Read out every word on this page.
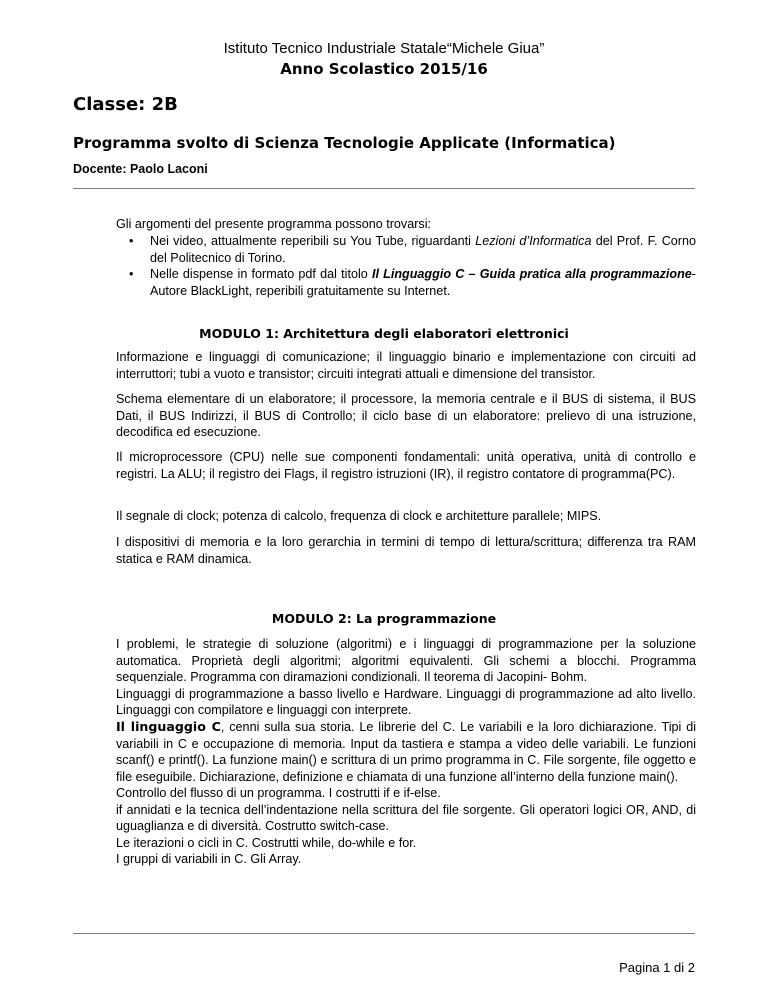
Istituto Tecnico Industriale Statale“Michele Giua”
Anno Scolastico 2015/16
Classe: 2B
Programma svolto di Scienza Tecnologie Applicate (Informatica)
Docente: Paolo Laconi
Gli argomenti del presente programma possono trovarsi:
• Nei video, attualmente reperibili su You Tube, riguardanti Lezioni d’Informatica del Prof. F. Corno del Politecnico di Torino.
• Nelle dispense in formato pdf dal titolo Il Linguaggio C – Guida pratica alla programmazione- Autore BlackLight, reperibili gratuitamente su Internet.
MODULO 1: Architettura degli elaboratori elettronici
Informazione e linguaggi di comunicazione; il linguaggio binario e implementazione con circuiti ad interruttori; tubi a vuoto e transistor; circuiti integrati attuali e dimensione del transistor.
Schema elementare di un elaboratore; il processore, la memoria centrale e il BUS di sistema, il BUS Dati, il BUS Indirizzi, il BUS di Controllo; il ciclo base di un elaboratore: prelievo di una istruzione, decodifica ed esecuzione.
Il microprocessore (CPU) nelle sue componenti fondamentali: unità operativa, unità di controllo e registri. La ALU; il registro dei Flags, il registro istruzioni (IR), il registro contatore di programma(PC).
Il segnale di clock; potenza di calcolo, frequenza di clock e architetture parallele; MIPS.
I dispositivi di memoria e la loro gerarchia in termini di tempo di lettura/scrittura; differenza tra RAM statica e RAM dinamica.
MODULO 2: La programmazione
I problemi, le strategie di soluzione (algoritmi) e i linguaggi di programmazione per la soluzione automatica. Proprietà degli algoritmi; algoritmi equivalenti. Gli schemi a blocchi. Programma sequenziale. Programma con diramazioni condizionali. Il teorema di Jacopini- Bohm.
Linguaggi di programmazione a basso livello e Hardware. Linguaggi di programmazione ad alto livello. Linguaggi con compilatore e linguaggi con interprete.
Il linguaggio C, cenni sulla sua storia. Le librerie del C. Le variabili e la loro dichiarazione. Tipi di variabili in C e occupazione di memoria. Input da tastiera e stampa a video delle variabili. Le funzioni scanf() e printf(). La funzione main() e scrittura di un primo programma in C. File sorgente, file oggetto e file eseguibile. Dichiarazione, definizione e chiamata di una funzione all’interno della funzione main().
Controllo del flusso di un programma. I costrutti if e if-else.
if annidati e la tecnica dell’indentazione nella scrittura del file sorgente. Gli operatori logici OR, AND, di uguaglianza e di diversità. Costrutto switch-case.
Le iterazioni o cicli in C. Costrutti while, do-while e for.
I gruppi di variabili in C. Gli Array.
Pagina 1 di 2
